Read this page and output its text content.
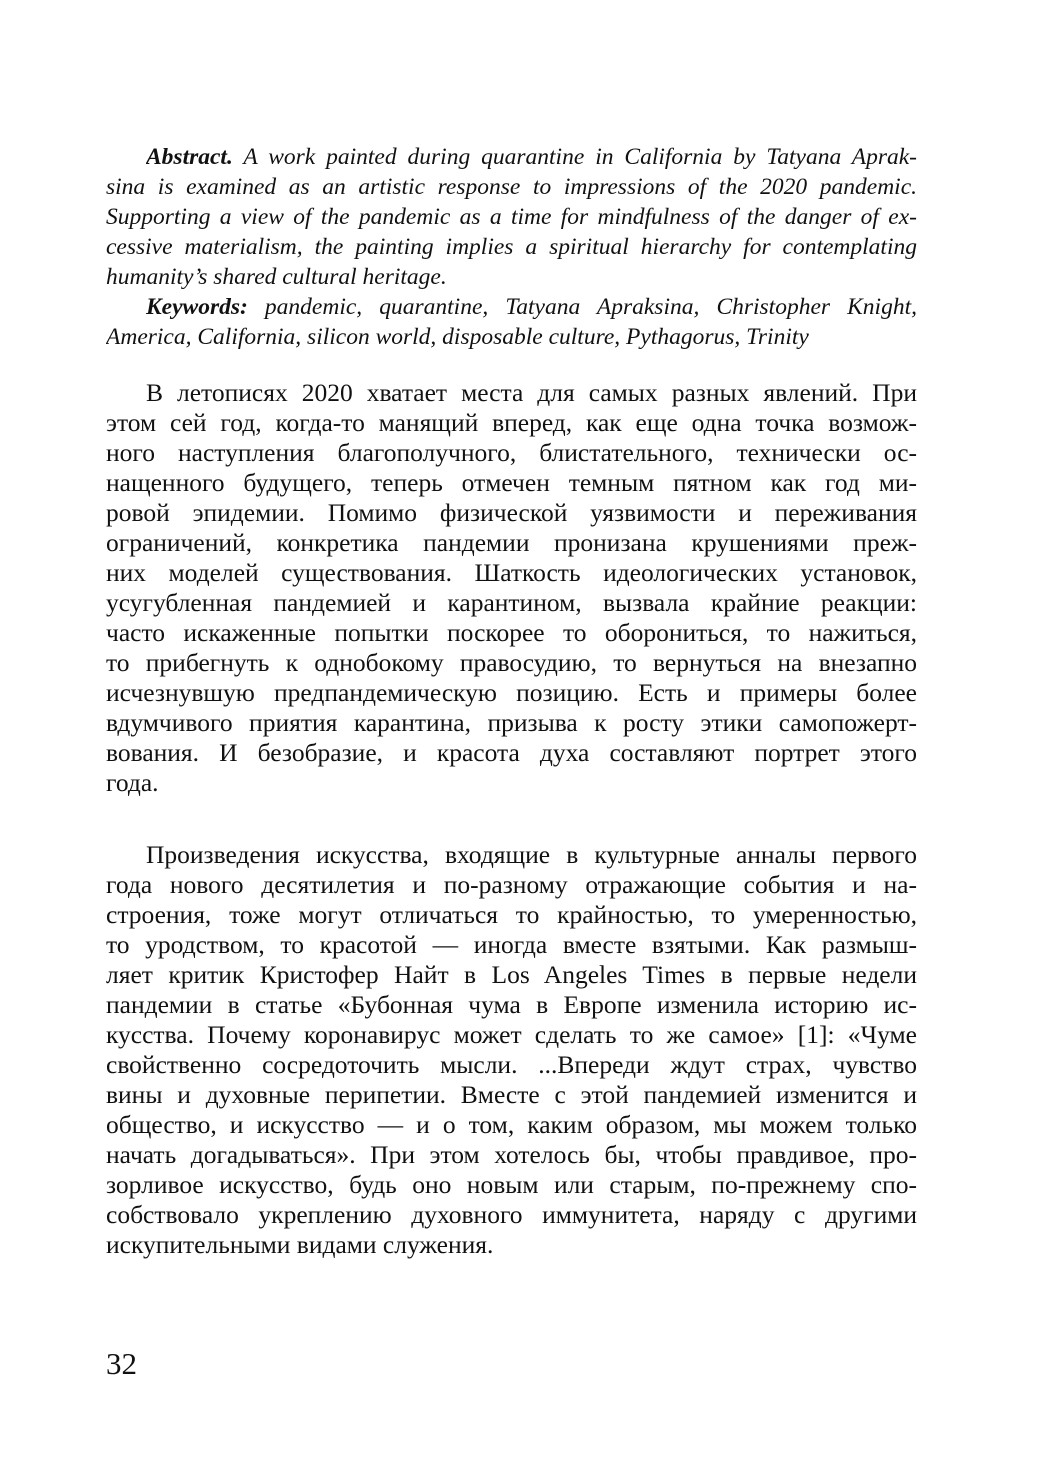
Abstract. A work painted during quarantine in California by Tatyana Aprak-
sina is examined as an artistic response to impressions of the 2020 pandemic.
Supporting a view of the pandemic as a time for mindfulness of the danger of ex-
cessive materialism, the painting implies a spiritual hierarchy for contemplating
humanity’s shared cultural heritage.
Keywords: pandemic, quarantine, Tatyana Apraksina, Christopher Knight,
America, California, silicon world, disposable culture, Pythagorus, Trinity
В летописях 2020 хватает места для самых разных явлений. При
этом сей год, когда-то манящий вперед, как еще одна точка возмож-
ного наступления благополучного, блистательного, технически ос-
нащенного будущего, теперь отмечен темным пятном как год ми-
ровой эпидемии. Помимо физической уязвимости и переживания
ограничений, конкретика пандемии пронизана крушениями преж-
них моделей существования. Шаткость идеологических установок,
усугубленная пандемией и карантином, вызвала крайние реакции:
часто искаженные попытки поскорее то оборониться, то нажиться,
то прибегнуть к однобокому правосудию, то вернуться на внезапно
исчезнувшую предпандемическую позицию. Есть и примеры более
вдумчивого приятия карантина, призыва к росту этики самопожерт-
вования. И безобразие, и красота духа составляют портрет этого
года.
Произведения искусства, входящие в культурные анналы первого
года нового десятилетия и по-разному отражающие события и на-
строения, тоже могут отличаться то крайностью, то умеренностью,
то уродством, то красотой — иногда вместе взятыми. Как размыш-
ляет критик Кристофер Найт в Los Angeles Times в первые недели
пандемии в статье «Бубонная чума в Европе изменила историю ис-
кусства. Почему коронавирус может сделать то же самое» [1]: «Чуме
свойственно сосредоточить мысли. ...Впереди ждут страх, чувство
вины и духовные перипетии. Вместе с этой пандемией изменится и
общество, и искусство — и о том, каким образом, мы можем только
начать догадываться». При этом хотелось бы, чтобы правдивое, про-
зорливое искусство, будь оно новым или старым, по-прежнему спо-
собствовало укреплению духовного иммунитета, наряду с другими
искупительными видами служения.
32
